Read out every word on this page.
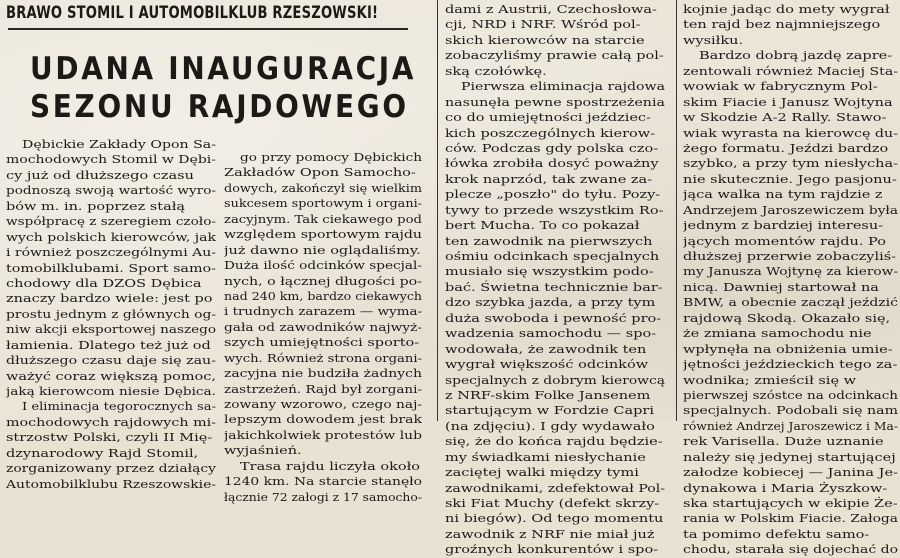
BRAWO STOMIL I AUTOMOBILKLUB RZESZOWSKI!
UDANA INAUGURACJA
SEZONU RAJDOWEGO
Dębickie Zakłady Opon Sa-
mochodowych Stomil w Dębi-
cy już od dłuższego czasu
podnoszą swoją wartość wyro-
bów m. in. poprzez stałą
współpracę z szeregiem czoło-
wych polskich kierowców, jak
i również poszczególnymi Au-
tomobilklubami. Sport samo-
chodowy dla DZOS Dębica
znaczy bardzo wiele: jest po
prostu jednym z głównych og-
niw akcji eksportowej naszego
łamienia. Dlatego też już od
dłuższego czasu daje się zau-
ważyć coraz większą pomoc,
jaką kierowcom niesie Dębica.
I eliminacja tegorocznych sa-
mochodowych rajdowych mi-
strzostw Polski, czyli II Mię-
dzynarodowy Rajd Stomil,
zorganizowany przez działący
Automobilklubu Rzeszowskie-
go przy pomocy Dębickich
Zakładów Opon Samocho-
dowych, zakończył się wielkim
sukcesem sportowym i organi-
zacyjnym. Tak ciekawego pod
względem sportowym rajdu
już dawno nie oglądaliśmy.
Duża ilość odcinków specjal-
nych, o łącznej długości po-
nad 240 km, bardzo ciekawych
i trudnych zarazem — wyma-
gała od zawodników najwyż-
szych umiejętności sporto-
wych. Również strona organi-
zacyjna nie budziła żadnych
zastrzeżeń. Rajd był zorgani-
zowany wzorowo, czego naj-
lepszym dowodem jest brak
jakichkolwiek protestów lub
wyjaśnień.
Trasa rajdu liczyła około
1240 km. Na starcie stanęło
łącznie 72 załogi z 17 samocho-
dami z Austrii, Czechosłowa-
cji, NRD i NRF. Wśród pol-
skich kierowców na starcie
zobaczyliśmy prawie całą pol-
ską czołówkę.
Pierwsza eliminacja rajdowa
nasunęła pewne spostrzeżenia
co do umiejętności jeździec-
kich poszczególnych kierow-
ców. Podczas gdy polska czo-
łówka zrobiła dosyć poważny
krok naprzód, tak zwane za-
plecze „poszło" do tyłu. Pozy-
tywy to przede wszystkim Ro-
bert Mucha. To co pokazał
ten zawodnik na pierwszych
ośmiu odcinkach specjalnych
musiało się wszystkim podo-
bać. Świetna technicznie bar-
dzo szybka jazda, a przy tym
duża swoboda i pewność pro-
wadzenia samochodu — spo-
wodowała, że zawodnik ten
wygrał większość odcinków
specjalnych z dobrym kierowcą
z NRF-skim Folke Jansenem
startującym w Fordzie Capri
(na zdjęciu). I gdy wydawało
się, że do końca rajdu będzie-
my świadkami niesłychanie
zaciętej walki między tymi
zawodnikami, zdefektował Pol-
ski Fiat Muchy (defekt skrzy-
ni biegów). Od tego momentu
zawodnik z NRF nie miał już
groźnych konkurentów i spo-
kojnie jadąc do mety wygrał
ten rajd bez najmniejszego
wysiłku.
Bardzo dobrą jazdę zapre-
zentowali również Maciej Sta-
wowiak w fabrycznym Pol-
skim Fiacie i Janusz Wojtyna
w Skodzie A-2 Rally. Stawo-
wiak wyrasta na kierowcę du-
żego formatu. Jeździ bardzo
szybko, a przy tym niesłycha-
nie skutecznie. Jego pasjonu-
jąca walka na tym rajdzie z
Andrzejem Jaroszewiczem była
jednym z bardziej interesu-
jących momentów rajdu. Po
dłuższej przerwie zobaczyliś-
my Janusza Wojtynę za kierow-
nicą. Dawniej startował na
BMW, a obecnie zaczął jeździć
rajdową Skodą. Okazało się,
że zmiana samochodu nie
wpłynęła na obniżenia umie-
jętności jeździeckich tego za-
wodnika; zmieścił się w
pierwszej szóstce na odcinkach
specjalnych. Podobali się nam
również Andrzej Jaroszewicz i Ma-
rek Varisella. Duże uznanie
należy się jedynej startującej
załodze kobiecej — Janina Je-
dynakowa i Maria Żyszkow-
ska startujących w ekipie Że-
rania w Polskim Fiacie. Załoga
ta pomimo defektu samo-
chodu, starała się dojechać do
